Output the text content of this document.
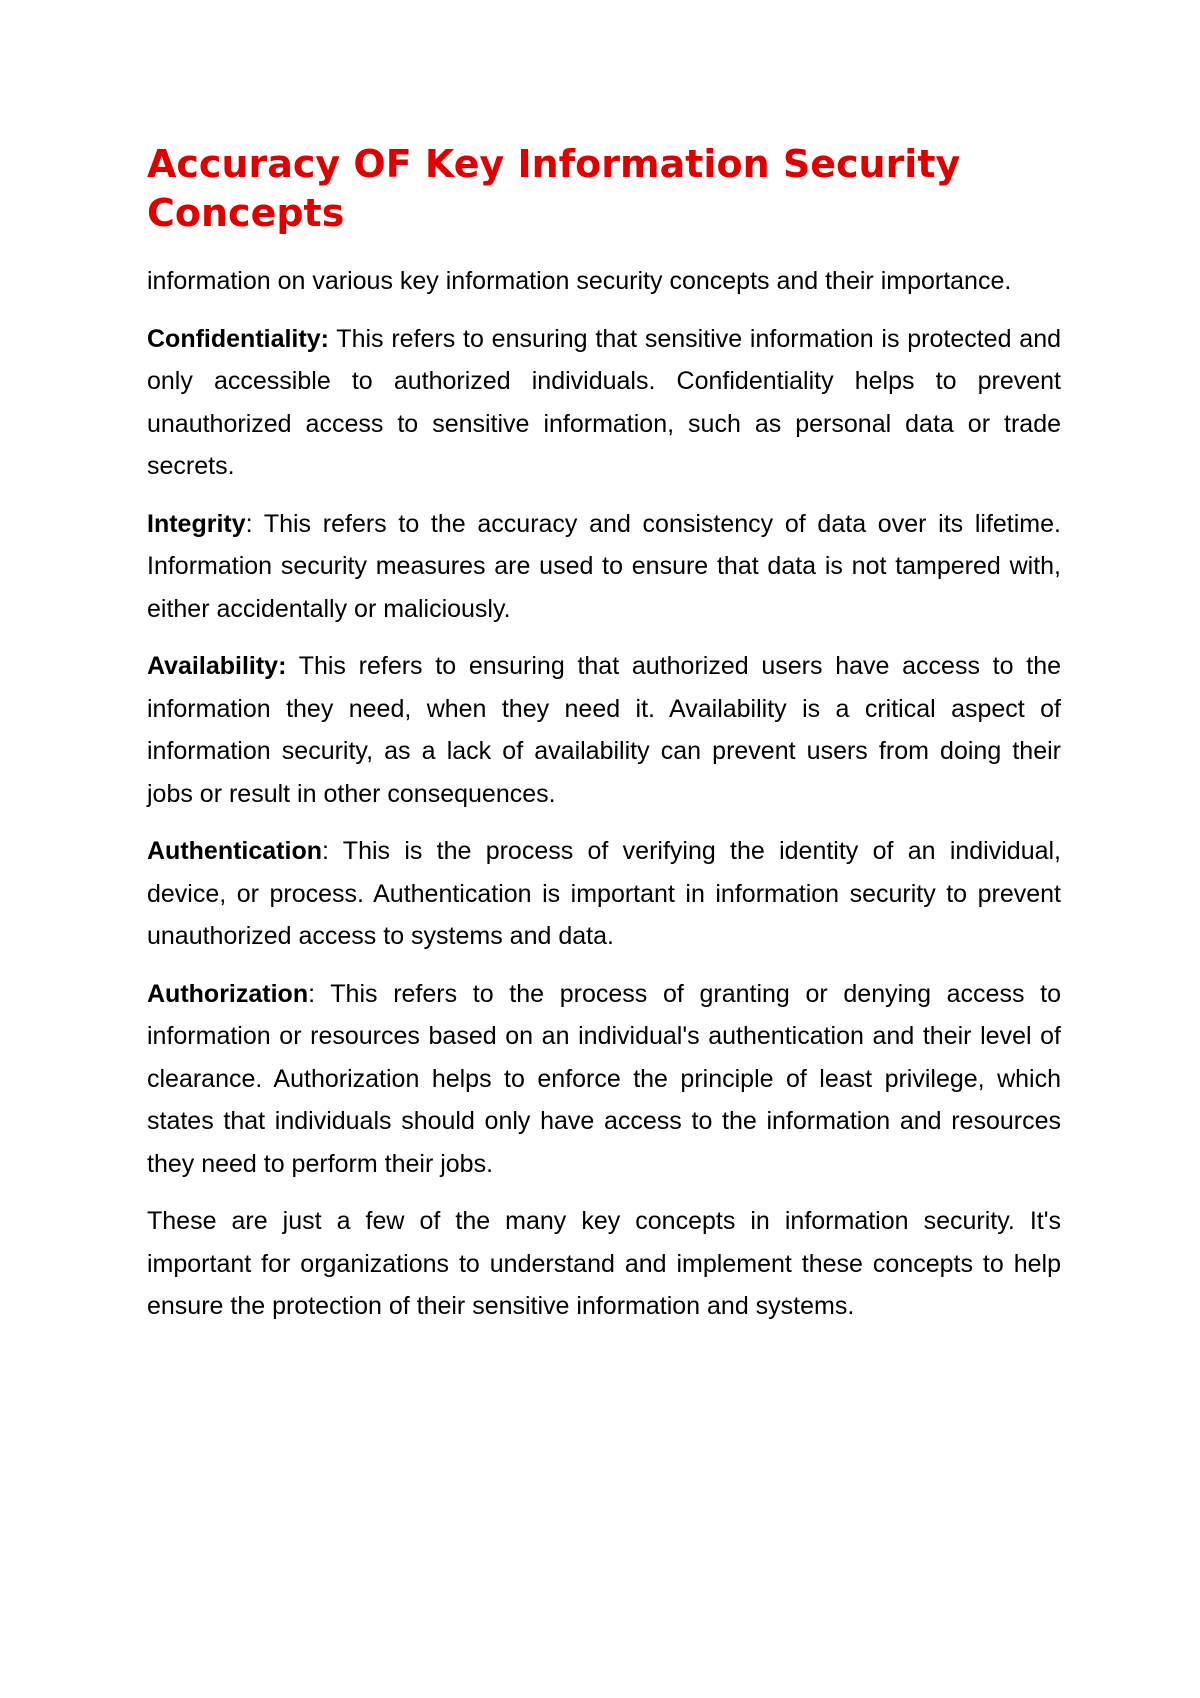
Accuracy OF Key Information Security Concepts

information on various key information security concepts and their importance.

Confidentiality: This refers to ensuring that sensitive information is protected and only accessible to authorized individuals. Confidentiality helps to prevent unauthorized access to sensitive information, such as personal data or trade secrets.

Integrity: This refers to the accuracy and consistency of data over its lifetime. Information security measures are used to ensure that data is not tampered with, either accidentally or maliciously.

Availability: This refers to ensuring that authorized users have access to the information they need, when they need it. Availability is a critical aspect of information security, as a lack of availability can prevent users from doing their jobs or result in other consequences.

Authentication: This is the process of verifying the identity of an individual, device, or process. Authentication is important in information security to prevent unauthorized access to systems and data.

Authorization: This refers to the process of granting or denying access to information or resources based on an individual's authentication and their level of clearance. Authorization helps to enforce the principle of least privilege, which states that individuals should only have access to the information and resources they need to perform their jobs.

These are just a few of the many key concepts in information security. It's important for organizations to understand and implement these concepts to help ensure the protection of their sensitive information and systems.
